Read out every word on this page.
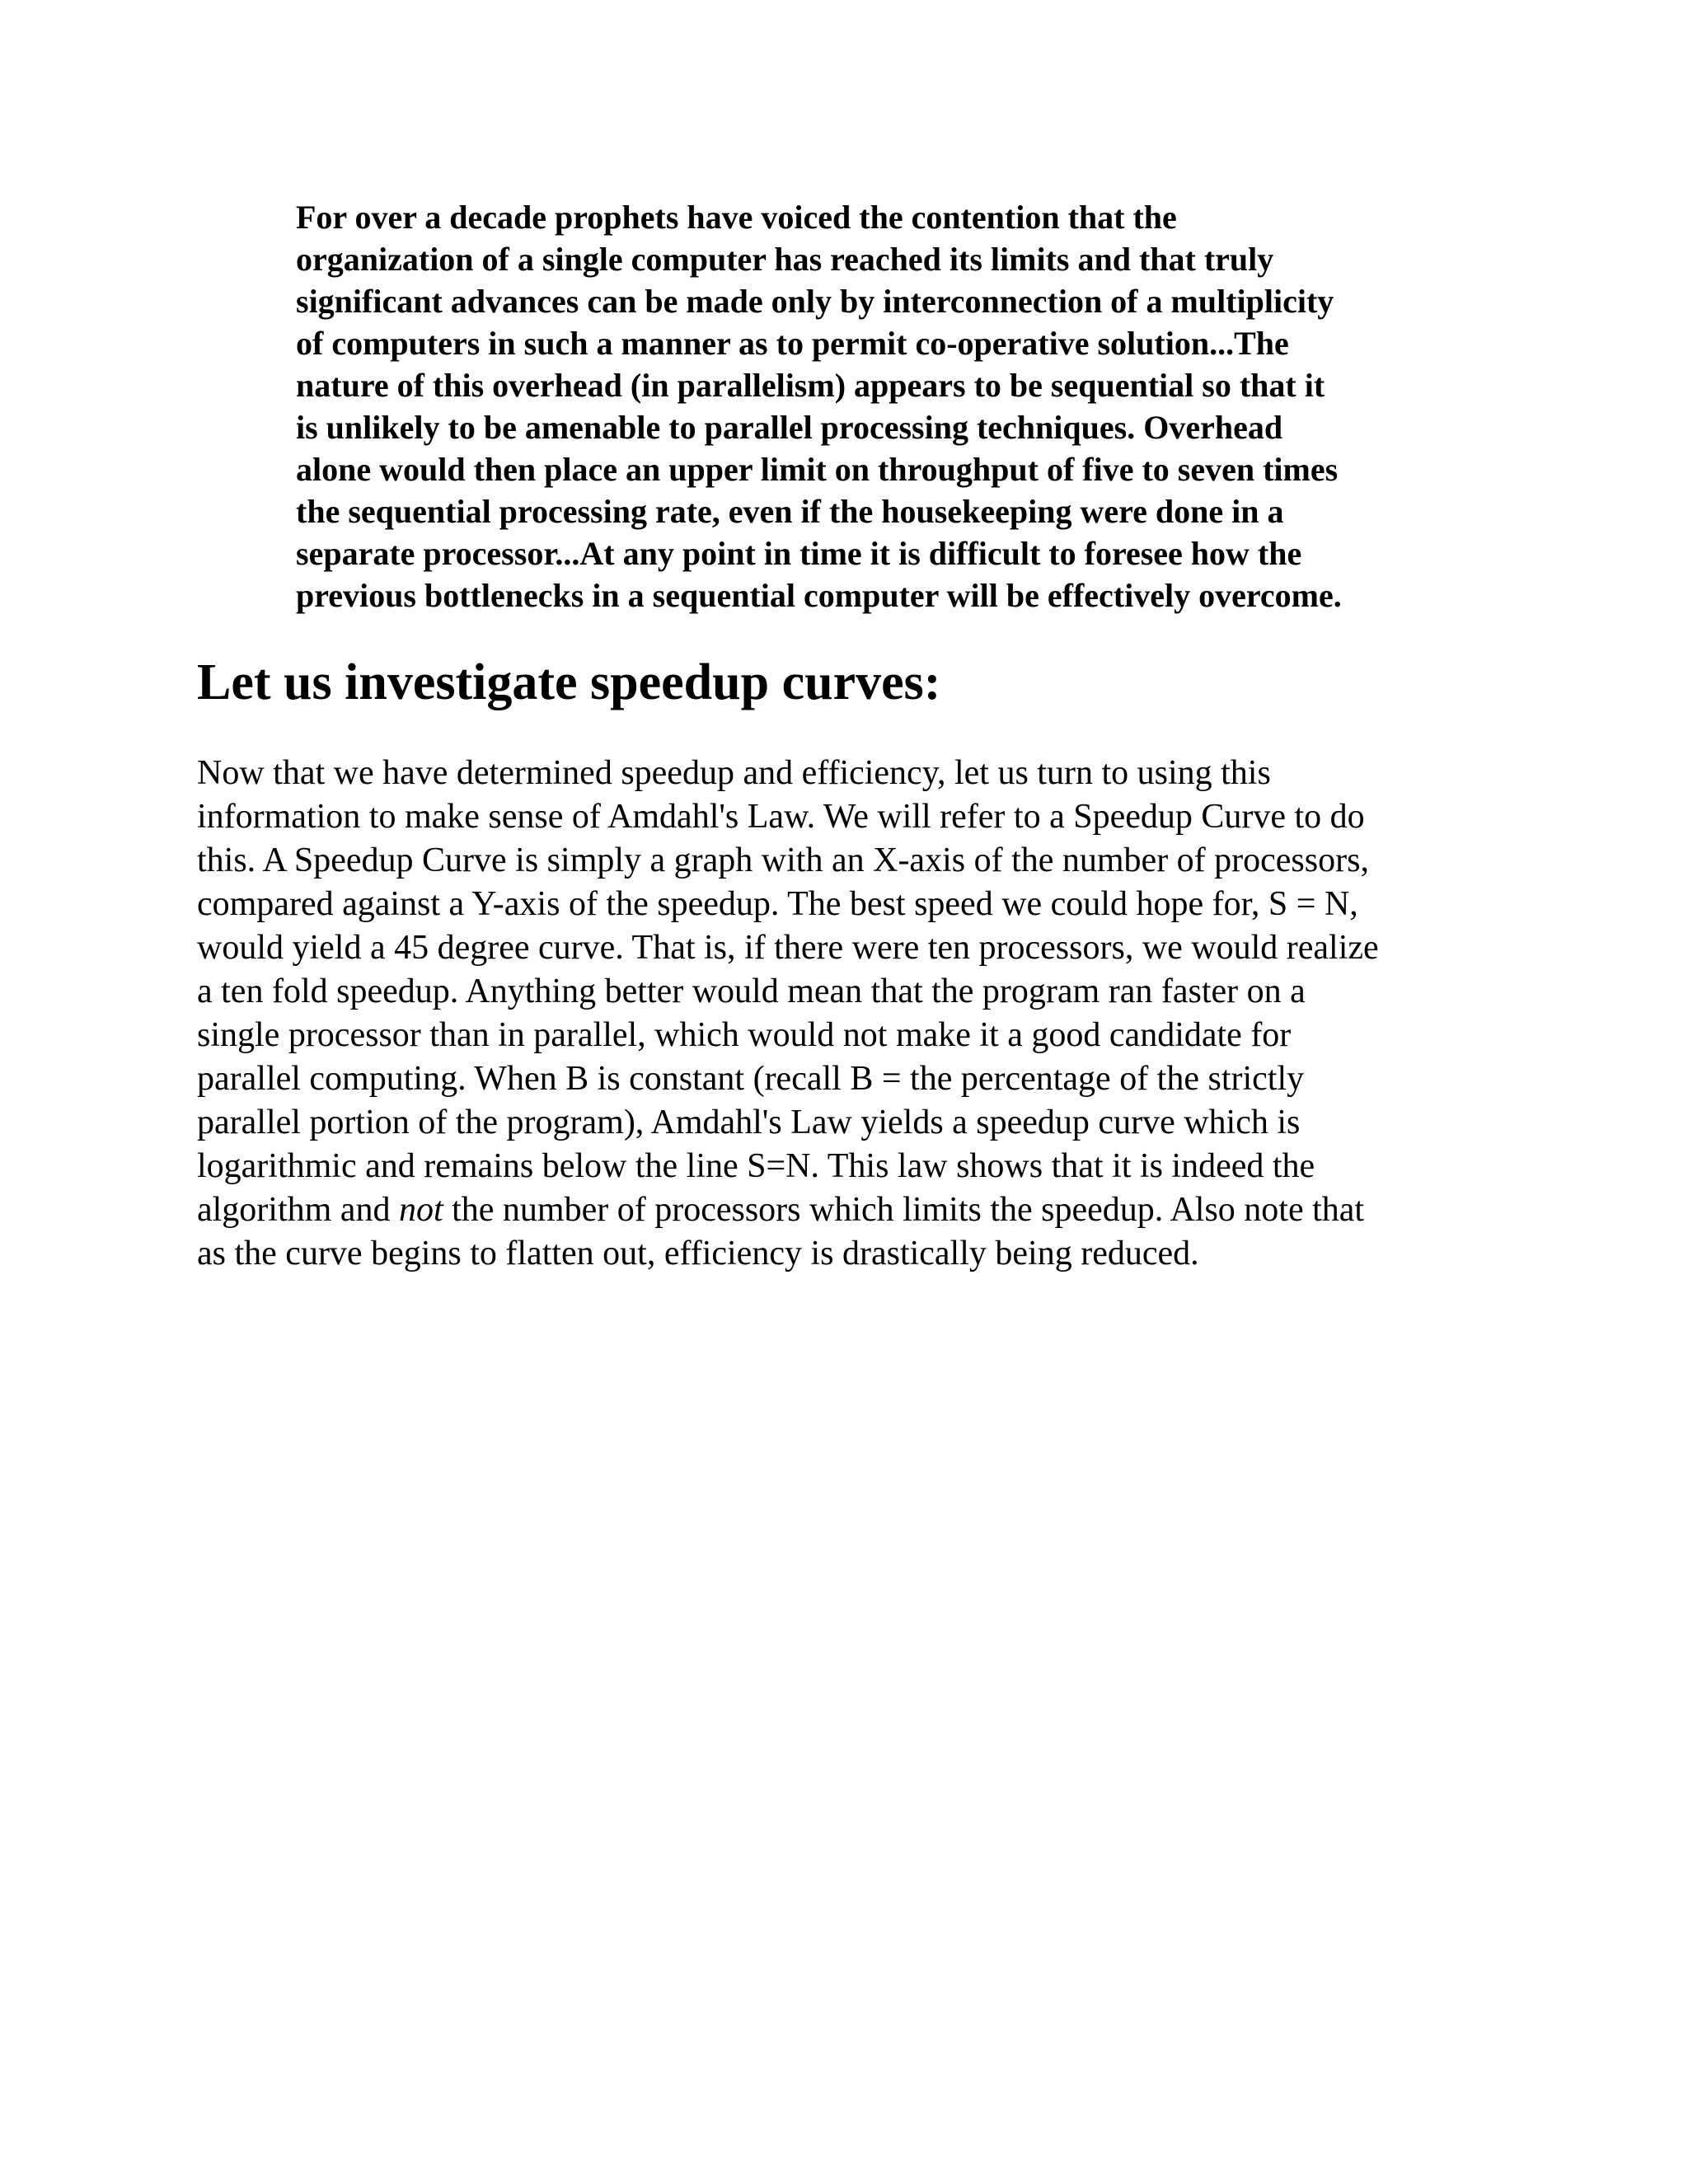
For over a decade prophets have voiced the contention that the

organization of a single computer has reached its limits and that truly

significant advances can be made only by interconnection of a multiplicity

of computers in such a manner as to permit co-operative solution...The

nature of this overhead (in parallelism) appears to be sequential so that it

is unlikely to be amenable to parallel processing techniques. Overhead

alone would then place an upper limit on throughput of five to seven times

the sequential processing rate, even if the housekeeping were done in a

separate processor...At any point in time it is difficult to foresee how the

previous bottlenecks in a sequential computer will be effectively overcome.

Let us investigate speedup curves:

Now that we have determined speedup and efficiency, let us turn to using this

information to make sense of Amdahl's Law. We will refer to a Speedup Curve to do

this. A Speedup Curve is simply a graph with an X-axis of the number of processors,

compared against a Y-axis of the speedup. The best speed we could hope for, S = N,

would yield a 45 degree curve. That is, if there were ten processors, we would realize

a ten fold speedup. Anything better would mean that the program ran faster on a

single processor than in parallel, which would not make it a good candidate for

parallel computing. When B is constant (recall B = the percentage of the strictly

parallel portion of the program), Amdahl's Law yields a speedup curve which is

logarithmic and remains below the line S=N. This law shows that it is indeed the

algorithm and not the number of processors which limits the speedup. Also note that

as the curve begins to flatten out, efficiency is drastically being reduced.
